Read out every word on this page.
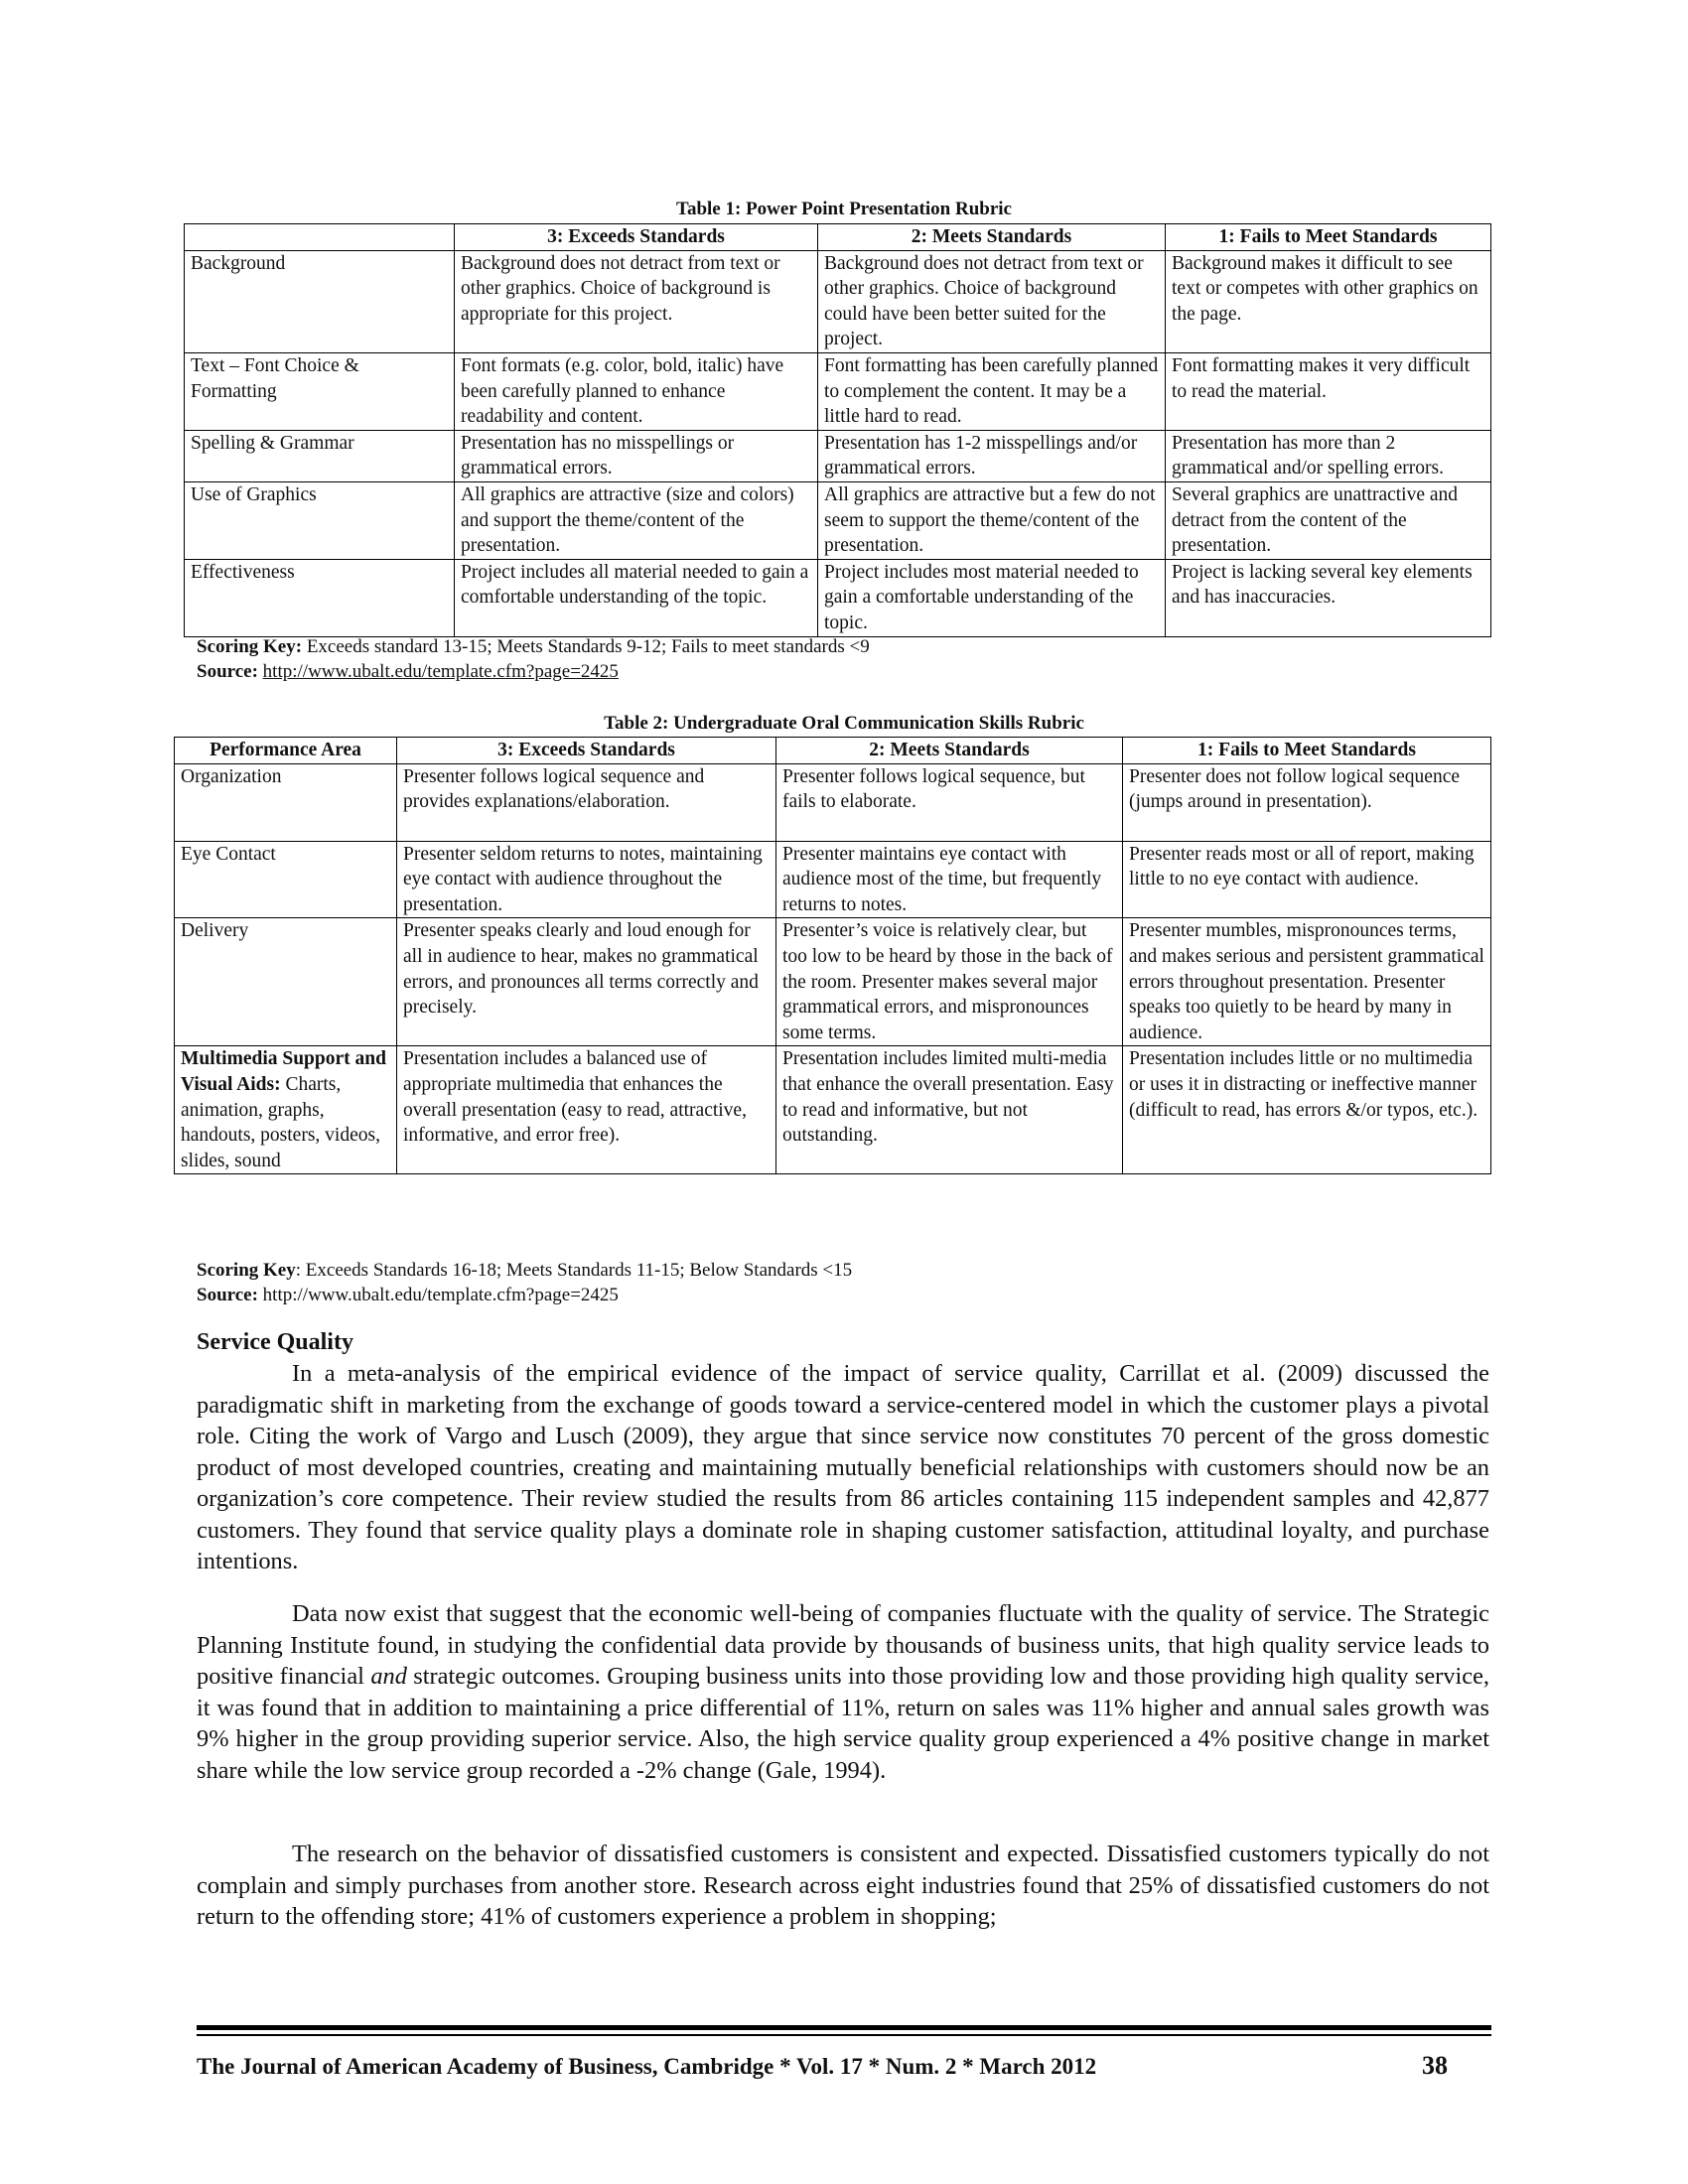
Table 1: Power Point Presentation Rubric
	3: Exceeds Standards	2: Meets Standards	1: Fails to Meet Standards
Background	Background does not detract from text or other graphics. Choice of background is appropriate for this project.	Background does not detract from text or other graphics. Choice of background could have been better suited for the project.	Background makes it difficult to see text or competes with other graphics on the page.
Text – Font Choice & Formatting	Font formats (e.g. color, bold, italic) have been carefully planned to enhance readability and content.	Font formatting has been carefully planned to complement the content. It may be a little hard to read.	Font formatting makes it very difficult to read the material.
Spelling & Grammar	Presentation has no misspellings or grammatical errors.	Presentation has 1-2 misspellings and/or grammatical errors.	Presentation has more than 2 grammatical and/or spelling errors.
Use of Graphics	All graphics are attractive (size and colors) and support the theme/content of the presentation.	All graphics are attractive but a few do not seem to support the theme/content of the presentation.	Several graphics are unattractive and detract from the content of the presentation.
Effectiveness	Project includes all material needed to gain a comfortable understanding of the topic.	Project includes most material needed to gain a comfortable understanding of the topic.	Project is lacking several key elements and has inaccuracies.
Scoring Key: Exceeds standard 13-15; Meets Standards 9-12; Fails to meet standards <9
Source: http://www.ubalt.edu/template.cfm?page=2425
Table 2: Undergraduate Oral Communication Skills Rubric
Performance Area	3: Exceeds Standards	2: Meets Standards	1: Fails to Meet Standards
Organization	Presenter follows logical sequence and provides explanations/elaboration.	Presenter follows logical sequence, but fails to elaborate.	Presenter does not follow logical sequence (jumps around in presentation).
Eye Contact	Presenter seldom returns to notes, maintaining eye contact with audience throughout the presentation.	Presenter maintains eye contact with audience most of the time, but frequently returns to notes.	Presenter reads most or all of report, making little to no eye contact with audience.
Delivery	Presenter speaks clearly and loud enough for all in audience to hear, makes no grammatical errors, and pronounces all terms correctly and precisely.	Presenter’s voice is relatively clear, but too low to be heard by those in the back of the room. Presenter makes several major grammatical errors, and mispronounces some terms.	Presenter mumbles, mispronounces terms, and makes serious and persistent grammatical errors throughout presentation. Presenter speaks too quietly to be heard by many in audience.
Multimedia Support and
Visual Aids: Charts, animation, graphs, handouts, posters, videos, slides, sound	Presentation includes a balanced use of appropriate multimedia that enhances the overall presentation (easy to read, attractive, informative, and error free).	Presentation includes limited multi-media that enhance the overall presentation. Easy to read and informative, but not outstanding.	Presentation includes little or no multimedia or uses it in distracting or ineffective manner (difficult to read, has errors &/or typos, etc.).
Scoring Key: Exceeds Standards 16-18; Meets Standards 11-15; Below Standards <15
Source: http://www.ubalt.edu/template.cfm?page=2425
Service Quality

In a meta-analysis of the empirical evidence of the impact of service quality, Carrillat et al. (2009) discussed the paradigmatic shift in marketing from the exchange of goods toward a service-centered model in which the customer plays a pivotal role. Citing the work of Vargo and Lusch (2009), they argue that since service now constitutes 70 percent of the gross domestic product of most developed countries, creating and maintaining mutually beneficial relationships with customers should now be an organization’s core competence. Their review studied the results from 86 articles containing 115 independent samples and 42,877 customers. They found that service quality plays a dominate role in shaping customer satisfaction, attitudinal loyalty, and purchase intentions.

Data now exist that suggest that the economic well-being of companies fluctuate with the quality of service. The Strategic Planning Institute found, in studying the confidential data provide by thousands of business units, that high quality service leads to positive financial and strategic outcomes. Grouping business units into those providing low and those providing high quality service, it was found that in addition to maintaining a price differential of 11%, return on sales was 11% higher and annual sales growth was 9% higher in the group providing superior service. Also, the high service quality group experienced a 4% positive change in market share while the low service group recorded a -2% change (Gale, 1994).

The research on the behavior of dissatisfied customers is consistent and expected. Dissatisfied customers typically do not complain and simply purchases from another store. Research across eight industries found that 25% of dissatisfied customers do not return to the offending store; 41% of customers experience a problem in shopping;

The Journal of American Academy of Business, Cambridge * Vol. 17 * Num. 2 * March 2012	38
